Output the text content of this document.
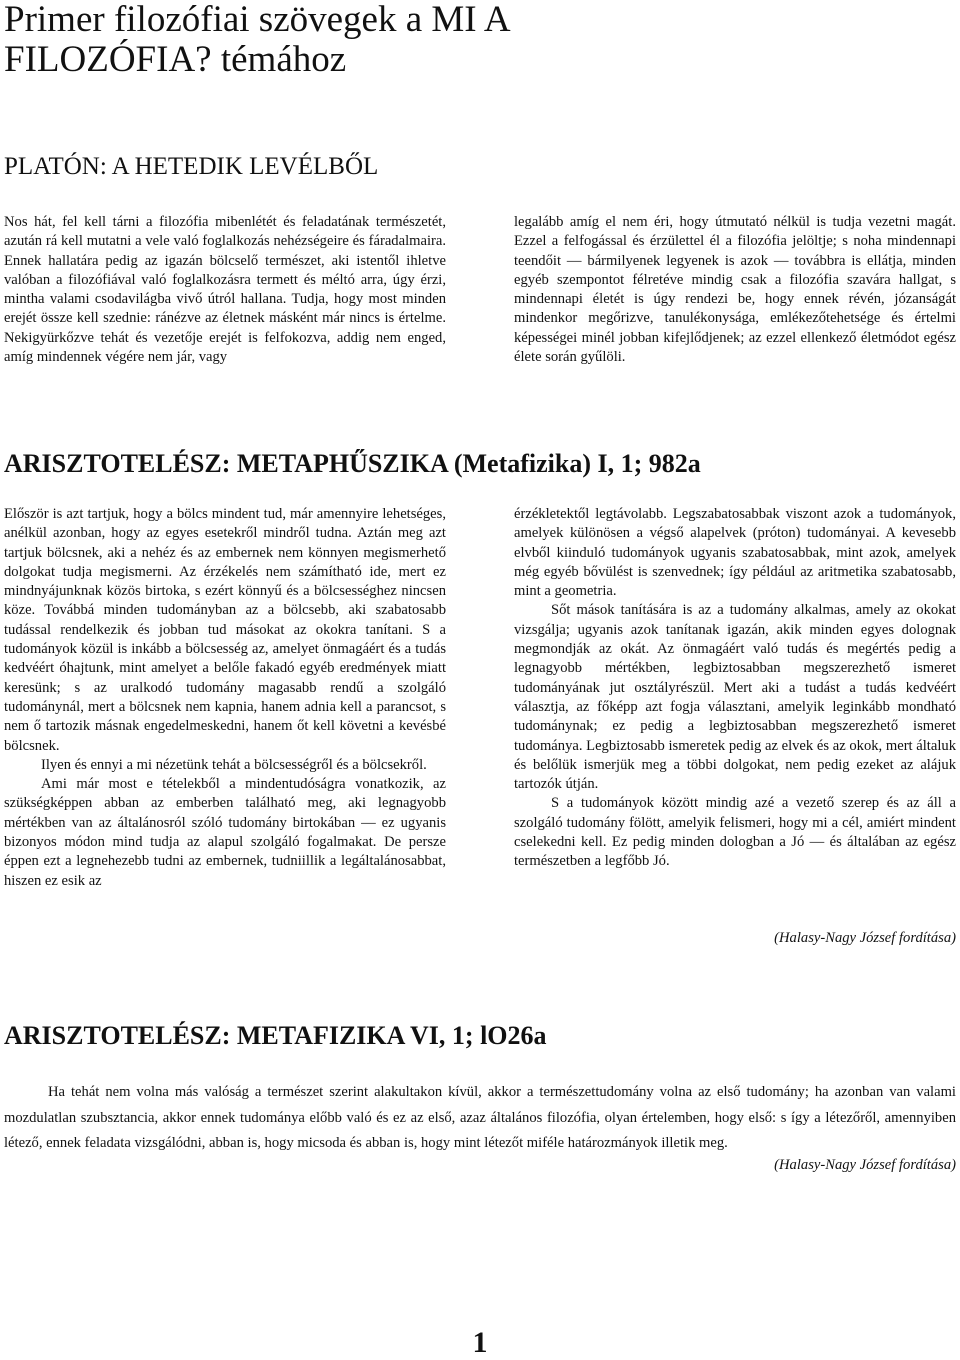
Primer filozófiai szövegek a MI A FILOZÓFIA? témához
PLATÓN: A HETEDIK LEVÉLBŐL

Nos hát, fel kell tárni a filozófia mibenlétét és feladatának természetét, azután rá kell mutatni a vele való foglalkozás nehézségeire és fáradalmaira. Ennek hallatára pedig az igazán bölcselő természet, aki istentől ihletve valóban a filozófiával való foglalkozásra termett és méltó arra, úgy érzi, mintha valami csodavilágba vivő útról hallana. Tudja, hogy most minden erejét össze kell szednie: ránézve az életnek másként már nincs is értelme. Nekigyürkőzve tehát és vezetője erejét is felfokozva, addig nem enged, amíg mindennek végére nem jár, vagy

legalább amíg el nem éri, hogy útmutató nélkül is tudja vezetni magát. Ezzel a felfogással és érzülettel él a filozófia jelöltje; s noha mindennapi teendőit — bármilyenek legyenek is azok — továbbra is ellátja, minden egyéb szempontot félretéve mindig csak a filozófia szavára hallgat, s mindennapi életét is úgy rendezi be, hogy ennek révén, józanságát mindenkor megőrizve, tanulékonysága, emlékezőtehetsége és értelmi képességei minél jobban kifejlődjenek; az ezzel ellenkező életmódot egész élete során gyűlöli.

ARISZTOTELÉSZ: METAPHŰSZIKA (Metafizika) I, 1; 982a

Először is azt tartjuk, hogy a bölcs mindent tud, már amennyire lehetséges, anélkül azonban, hogy az egyes esetekről mindről tudna. Aztán meg azt tartjuk bölcsnek, aki a nehéz és az embernek nem könnyen megismerhető dolgokat tudja megismerni. Az érzékelés nem számítható ide, mert ez mindnyájunknak közös birtoka, s ezért könnyű és a bölcsességhez nincsen köze. Továbbá minden tudományban az a bölcsebb, aki szabatosabb tudással rendelkezik és jobban tud másokat az okokra tanítani. S a tudományok közül is inkább a bölcsesség az, amelyet önmagáért és a tudás kedvéért óhajtunk, mint amelyet a belőle fakadó egyéb eredmények miatt keresünk; s az uralkodó tudomány magasabb rendű a szolgáló tudománynál, mert a bölcsnek nem kapnia, hanem adnia kell a parancsot, s nem ő tartozik másnak engedelmeskedni, hanem őt kell követni a kevésbé bölcsnek.

Ilyen és ennyi a mi nézetünk tehát a bölcsességről és a bölcsekről.

Ami már most e tételekből a mindentudóságra vonatkozik, az szükségképpen abban az emberben található meg, aki legnagyobb mértékben van az általánosról szóló tudomány birtokában — ez ugyanis bizonyos módon mind tudja az alapul szolgáló fogalmakat. De persze éppen ezt a legnehezebb tudni az embernek, tudniillik a legáltalánosabbat, hiszen ez esik az

érzékletektől legtávolabb. Legszabatosabbak viszont azok a tudományok, amelyek különösen a végső alapelvek (próton) tudományai. A kevesebb elvből kiinduló tudományok ugyanis szabatosabbak, mint azok, amelyek még egyéb bővülést is szenvednek; így például az aritmetika szabatosabb, mint a geometria.

Sőt mások tanítására is az a tudomány alkalmas, amely az okokat vizsgálja; ugyanis azok tanítanak igazán, akik minden egyes dolognak megmondják az okát. Az önmagáért való tudás és megértés pedig a legnagyobb mértékben, legbiztosabban megszerezhető ismeret tudományának jut osztályrészül. Mert aki a tudást a tudás kedvéért választja, az főképp azt fogja választani, amelyik leginkább mondható tudománynak; ez pedig a legbiztosabban megszerezhető ismeret tudománya. Legbiztosabb ismeretek pedig az elvek és az okok, mert általuk és belőlük ismerjük meg a többi dolgokat, nem pedig ezeket az alájuk tartozók útján.

S a tudományok között mindig azé a vezető szerep és az áll a szolgáló tudomány fölött, amelyik felismeri, hogy mi a cél, amiért mindent cselekedni kell. Ez pedig minden dologban a Jó — és általában az egész természetben a legfőbb Jó.

(Halasy-Nagy József fordítása)

ARISZTOTELÉSZ: METAFIZIKA VI, 1; lO26a

Ha tehát nem volna más valóság a természet szerint alakultakon kívül, akkor a természettudomány volna az első tudomány; ha azonban van valami mozdulatlan szubsztancia, akkor ennek tudománya előbb való és ez az első, azaz általános filozófia, olyan értelemben, hogy első: s így a létezőről, amennyiben létező, ennek feladata vizsgálódni, abban is, hogy micsoda és abban is, hogy mint létezőt miféle határozmányok illetik meg.

(Halasy-Nagy József fordítása)

1
